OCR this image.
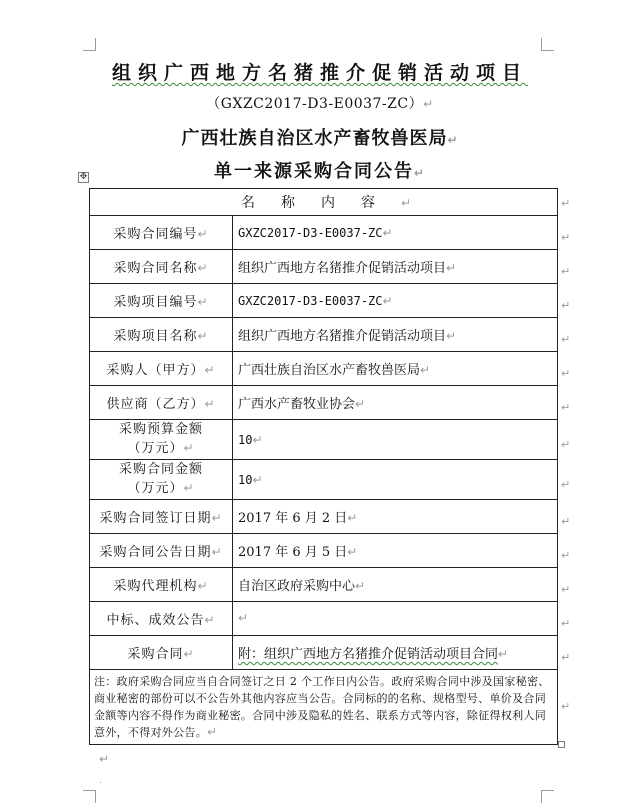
组织广西地方名猪推介促销活动项目
（GXZC2017-D3-E0037-ZC）↵
广西壮族自治区水产畜牧兽医局↵
单一来源采购合同公告↵
✥
名称内容↵	
采购合同编号↵	GXZC2017-D3-E0037-ZC↵
采购合同名称↵	组织广西地方名猪推介促销活动项目↵
采购项目编号↵	GXZC2017-D3-E0037-ZC↵
采购项目名称↵	组织广西地方名猪推介促销活动项目↵
采购人（甲方）↵	广西壮族自治区水产畜牧兽医局↵
供应商（乙方）↵	广西水产畜牧业协会↵

采购预算金额
（万元）↵	10↵

采购合同金额
（万元）↵	10↵
采购合同签订日期↵	2017 年 6 月 2 日↵
采购合同公告日期↵	2017 年 6 月 5 日↵
采购代理机构↵	自治区政府采购中心↵
中标、成效公告↵	↵
采购合同↵	附：组织广西地方名猪推介促销活动项目合同↵
注：政府采购合同应当自合同签订之日 2 个工作日内公告。政府采购合同中涉及国家秘密、商业秘密的部份可以不公告外其他内容应当公告。合同标的的名称、规格型号、单价及合同金额等内容不得作为商业秘密。合同中涉及隐私的姓名、联系方式等内容，除征得权利人同意外，不得对外公告。↵	
↵
↵
↵
↵
↵
↵
↵
↵
↵
↵
↵
↵
↵
↵
↵
↵
.
